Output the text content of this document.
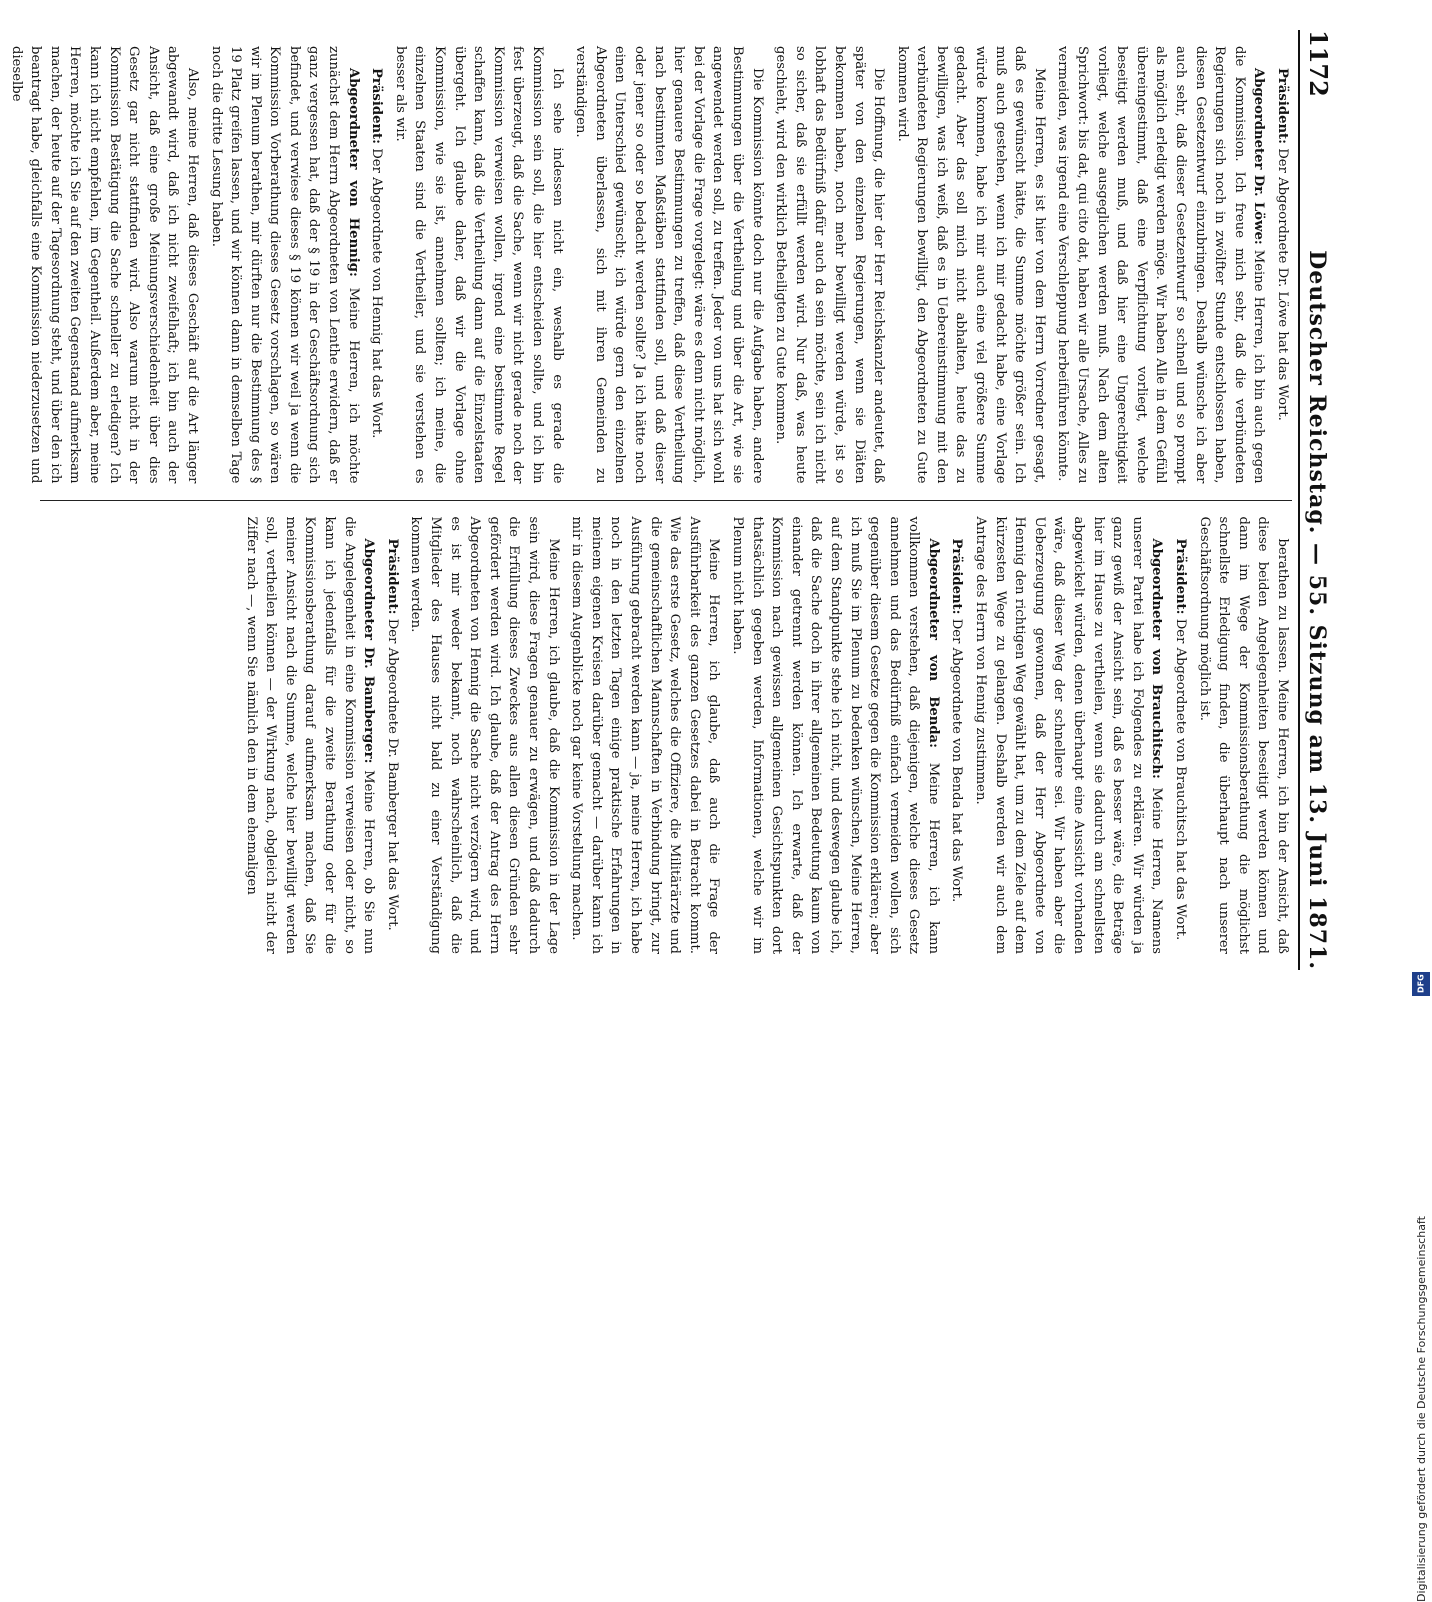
1172
Deutscher Reichstag. — 55. Sitzung am 13. Juni 1871.

Präsident: Der Abgeordnete Dr. Löwe hat das Wort.

Abgeordneter Dr. Löwe: Meine Herren, ich bin auch gegen die Kommission. Ich freue mich sehr, daß die verbündeten Regierungen sich noch in zwölfter Stunde entschlossen haben, diesen Gesetzentwurf einzubringen. Deshalb wünsche ich aber auch sehr, daß dieser Gesetzentwurf so schnell und so prompt als möglich erledigt werden möge. Wir haben Alle in dem Gefühl übereingestimmt, daß eine Verpflichtung vorliegt, welche beseitigt werden muß, und daß hier eine Ungerechtigkeit vorliegt, welche ausgeglichen werden muß. Nach dem alten Sprichwort: bis dat, qui cito dat, haben wir alle Ursache, Alles zu vermeiden, was irgend eine Verschleppung herbeiführen könnte.

Meine Herren, es ist hier von dem Herrn Vorredner gesagt, daß es gewünscht hätte, die Summe möchte größer sein. Ich muß auch gestehen, wenn ich mir gedacht habe, eine Vorlage würde kommen, habe ich mir auch eine viel größere Summe gedacht. Aber das soll mich nicht abhalten, heute das zu bewilligen, was ich weiß, daß es in Uebereinstimmung mit den verbündeten Regierungen bewilligt, den Abgeordneten zu Gute kommen wird.

Die Hoffnung, die hier der Herr Reichskanzler andeutet, daß später von den einzelnen Regierungen, wenn sie Diäten bekommen haben, noch mehr bewilligt werden würde, ist so lobhaft das Bedürfniß dafür auch da sein möchte, sein ich nicht so sicher, daß sie erfüllt werden wird. Nur daß, was heute geschieht, wird den wirklich Betheiligten zu Gute kommen.

Die Kommission könnte doch nur die Aufgabe haben, andere Bestimmungen über die Vertheilung und über die Art, wie sie angewendet werden soll, zu treffen. Jeder von uns hat sich wohl bei der Vorlage die Frage vorgelegt: wäre es denn nicht möglich, hier genauere Bestimmungen zu treffen, daß diese Vertheilung nach bestimmten Maßstäben stattfinden soll, und daß dieser oder jener so oder so bedacht werden sollte? Ja ich hätte noch einen Unterschied gewünscht; ich würde gern den einzelnen Abgeordneten überlassen, sich mit ihren Gemeinden zu verständigen.

Ich sehe indessen nicht ein, weshalb es gerade die Kommission sein soll, die hier entscheiden sollte, und ich bin fest überzeugt, daß die Sache, wenn wir nicht gerade noch der Kommission verweisen wollen, irgend eine bestimmte Regel schaffen kann, daß die Vertheilung dann auf die Einzelstaaten übergeht. Ich glaube daher, daß wir die Vorlage ohne Kommission, wie sie ist, annehmen sollten; ich meine, die einzelnen Staaten sind die Vertheiler, und sie verstehen es besser als wir.

Präsident: Der Abgeordnete von Hennig hat das Wort.

Abgeordneter von Hennig: Meine Herren, ich möchte zunächst dem Herrn Abgeordneten von Lenthe erwidern, daß er ganz vergessen hat, daß der § 19 in der Geschäftsordnung sich befindet, und verwiese dieses § 19 können wir weil ja wenn die Kommission Vorberathung dieses Gesetz vorschlagen, so wären wir im Plenum berathen, mir dürften nur die Bestimmung des § 19 Platz greifen lassen, und wir können dann in demselben Tage noch die dritte Lesung haben.

Also, meine Herren, daß dieses Geschäft auf die Art länger abgewandt wird, daß ich nicht zweifelhaft; ich bin auch der Ansicht, daß eine große Meinungsverschiedenheit über dies Gesetz gar nicht stattfinden wird. Also warum nicht in der Kommission Bestätigung die Sache schneller zu erledigen? Ich kann ich nicht empfehlen, im Gegentheil. Außerdem aber, meine Herren, möchte ich Sie auf den zweiten Gegenstand aufmerksam machen, der heute auf der Tagesordnung steht, und über den ich beantragt habe, gleichfalls eine Kommission niederzusetzen und dieselbe

berathen zu lassen. Meine Herren, ich bin der Ansicht, daß diese beiden Angelegenheiten beseitigt werden können und dann im Wege der Kommissionsberathung die möglichst schnellste Erledigung finden, die überhaupt nach unserer Geschäftsordnung möglich ist.

Präsident: Der Abgeordnete von Brauchitsch hat das Wort.

Abgeordneter von Brauchitsch: Meine Herren, Namens unserer Partei habe ich Folgendes zu erklären. Wir würden ja ganz gewiß der Ansicht sein, daß es besser wäre, die Beträge hier im Hause zu vertheilen, wenn sie dadurch am schnellsten abgewickelt würden, denen überhaupt eine Aussicht vorhanden wäre, daß dieser Weg der schnellere sei. Wir haben aber die Ueberzeugung gewonnen, daß der Herr Abgeordnete von Hennig den richtigen Weg gewählt hat, um zu dem Ziele auf dem kürzesten Wege zu gelangen. Deshalb werden wir auch dem Antrage des Herrn von Hennig zustimmen.

Präsident: Der Abgeordnete von Benda hat das Wort.

Abgeordneter von Benda: Meine Herren, ich kann vollkommen verstehen, daß diejenigen, welche dieses Gesetz annehmen und das Bedürfniß einfach vermeiden wollen, sich gegenüber diesem Gesetze gegen die Kommission erklären; aber ich muß Sie im Plenum zu bedenken wünschen, Meine Herren, auf dem Standpunkte stehe ich nicht, und deswegen glaube ich, daß die Sache doch in ihrer allgemeinen Bedeutung kaum von einander getrennt werden können. Ich erwarte, daß der Kommission nach gewissen allgemeinen Gesichtspunkten dort thatsächlich gegeben werden, Informationen, welche wir im Plenum nicht haben.

Meine Herren, ich glaube, daß auch die Frage der Ausführbarkeit des ganzen Gesetzes dabei in Betracht kommt. Wie das erste Gesetz, welches die Offiziere, die Militärärzte und die gemeinschaftlichen Mannschaften in Verbindung bringt, zur Ausführung gebracht werden kann — ja, meine Herren, ich habe noch in den letzten Tagen einige praktische Erfahrungen in meinem eigenen Kreisen darüber gemacht — darüber kann ich mir in diesem Augenblicke noch gar keine Vorstellung machen.

Meine Herren, ich glaube, daß die Kommission in der Lage sein wird, diese Fragen genauer zu erwägen, und daß dadurch die Erfüllung dieses Zweckes aus allen diesen Gründen sehr gefördert werden wird. Ich glaube, daß der Antrag des Herrn Abgeordneten von Hennig die Sache nicht verzögern wird, und es ist mir weder bekannt, noch wahrscheinlich, daß die Mitglieder des Hauses nicht bald zu einer Verständigung kommen werden.

Präsident: Der Abgeordnete Dr. Bamberger hat das Wort.

Abgeordneter Dr. Bamberger: Meine Herren, ob Sie nun die Angelegenheit in eine Kommission verweisen oder nicht, so kann ich jedenfalls für die zweite Berathung oder für die Kommissionsberathung darauf aufmerksam machen, daß Sie meiner Ansicht nach die Summe, welche hier bewilligt werden soll, vertheilen können — der Wirkung nach, obgleich nicht der Ziffer nach —, wenn Sie nämlich den in dem ehemaligen

Digitalisierung gefördert durch die Deutsche Forschungsgemeinschaft
DFG
